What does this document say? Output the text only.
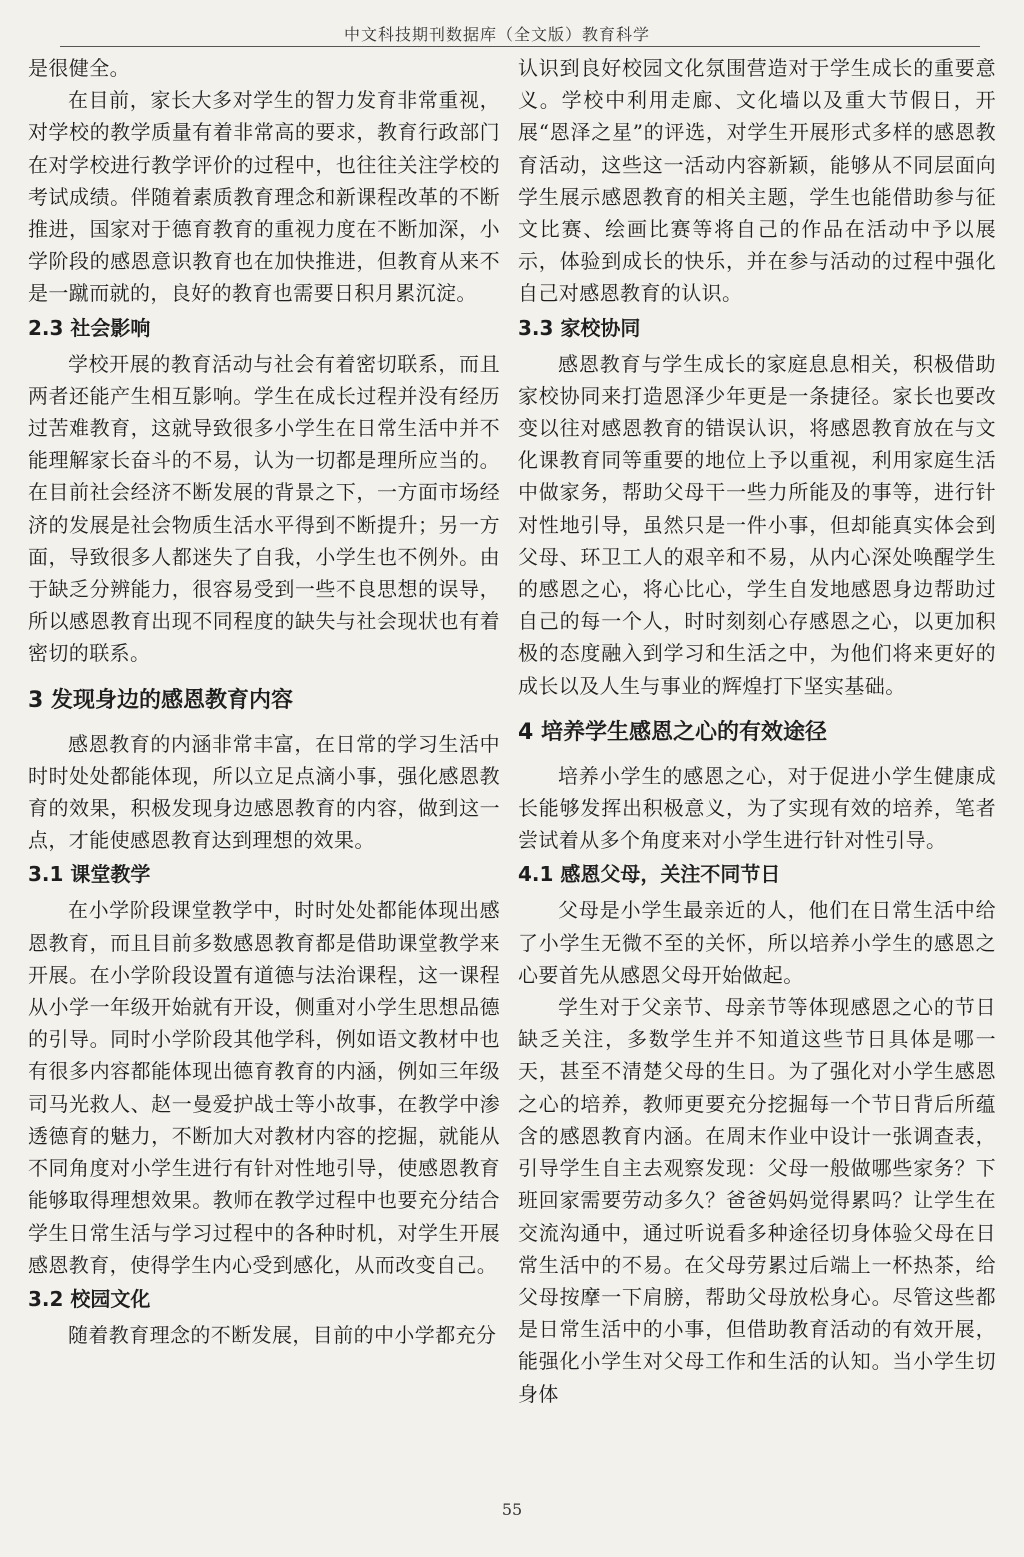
中文科技期刊数据库（全文版）教育科学

是很健全。

在目前，家长大多对学生的智力发育非常重视，对学校的教学质量有着非常高的要求，教育行政部门在对学校进行教学评价的过程中，也往往关注学校的考试成绩。伴随着素质教育理念和新课程改革的不断推进，国家对于德育教育的重视力度在不断加深，小学阶段的感恩意识教育也在加快推进，但教育从来不是一蹴而就的，良好的教育也需要日积月累沉淀。

2.3 社会影响

学校开展的教育活动与社会有着密切联系，而且两者还能产生相互影响。学生在成长过程并没有经历过苦难教育，这就导致很多小学生在日常生活中并不能理解家长奋斗的不易，认为一切都是理所应当的。在目前社会经济不断发展的背景之下，一方面市场经济的发展是社会物质生活水平得到不断提升；另一方面，导致很多人都迷失了自我，小学生也不例外。由于缺乏分辨能力，很容易受到一些不良思想的误导，所以感恩教育出现不同程度的缺失与社会现状也有着密切的联系。

3 发现身边的感恩教育内容

感恩教育的内涵非常丰富，在日常的学习生活中时时处处都能体现，所以立足点滴小事，强化感恩教育的效果，积极发现身边感恩教育的内容，做到这一点，才能使感恩教育达到理想的效果。

3.1 课堂教学

在小学阶段课堂教学中，时时处处都能体现出感恩教育，而且目前多数感恩教育都是借助课堂教学来开展。在小学阶段设置有道德与法治课程，这一课程从小学一年级开始就有开设，侧重对小学生思想品德的引导。同时小学阶段其他学科，例如语文教材中也有很多内容都能体现出德育教育的内涵，例如三年级司马光救人、赵一曼爱护战士等小故事，在教学中渗透德育的魅力，不断加大对教材内容的挖掘，就能从不同角度对小学生进行有针对性地引导，使感恩教育能够取得理想效果。教师在教学过程中也要充分结合学生日常生活与学习过程中的各种时机，对学生开展感恩教育，使得学生内心受到感化，从而改变自己。

3.2 校园文化

随着教育理念的不断发展，目前的中小学都充分

认识到良好校园文化氛围营造对于学生成长的重要意义。学校中利用走廊、文化墙以及重大节假日，开展“恩泽之星”的评选，对学生开展形式多样的感恩教育活动，这些这一活动内容新颖，能够从不同层面向学生展示感恩教育的相关主题，学生也能借助参与征文比赛、绘画比赛等将自己的作品在活动中予以展示，体验到成长的快乐，并在参与活动的过程中强化自己对感恩教育的认识。

3.3 家校协同

感恩教育与学生成长的家庭息息相关，积极借助家校协同来打造恩泽少年更是一条捷径。家长也要改变以往对感恩教育的错误认识，将感恩教育放在与文化课教育同等重要的地位上予以重视，利用家庭生活中做家务，帮助父母干一些力所能及的事等，进行针对性地引导，虽然只是一件小事，但却能真实体会到父母、环卫工人的艰辛和不易，从内心深处唤醒学生的感恩之心，将心比心，学生自发地感恩身边帮助过自己的每一个人，时时刻刻心存感恩之心，以更加积极的态度融入到学习和生活之中，为他们将来更好的成长以及人生与事业的辉煌打下坚实基础。

4 培养学生感恩之心的有效途径

培养小学生的感恩之心，对于促进小学生健康成长能够发挥出积极意义，为了实现有效的培养，笔者尝试着从多个角度来对小学生进行针对性引导。

4.1 感恩父母，关注不同节日

父母是小学生最亲近的人，他们在日常生活中给了小学生无微不至的关怀，所以培养小学生的感恩之心要首先从感恩父母开始做起。

学生对于父亲节、母亲节等体现感恩之心的节日缺乏关注，多数学生并不知道这些节日具体是哪一天，甚至不清楚父母的生日。为了强化对小学生感恩之心的培养，教师更要充分挖掘每一个节日背后所蕴含的感恩教育内涵。在周末作业中设计一张调查表，引导学生自主去观察发现：父母一般做哪些家务？下班回家需要劳动多久？爸爸妈妈觉得累吗？让学生在交流沟通中，通过听说看多种途径切身体验父母在日常生活中的不易。在父母劳累过后端上一杯热茶，给父母按摩一下肩膀，帮助父母放松身心。尽管这些都是日常生活中的小事，但借助教育活动的有效开展，能强化小学生对父母工作和生活的认知。当小学生切身体

55
